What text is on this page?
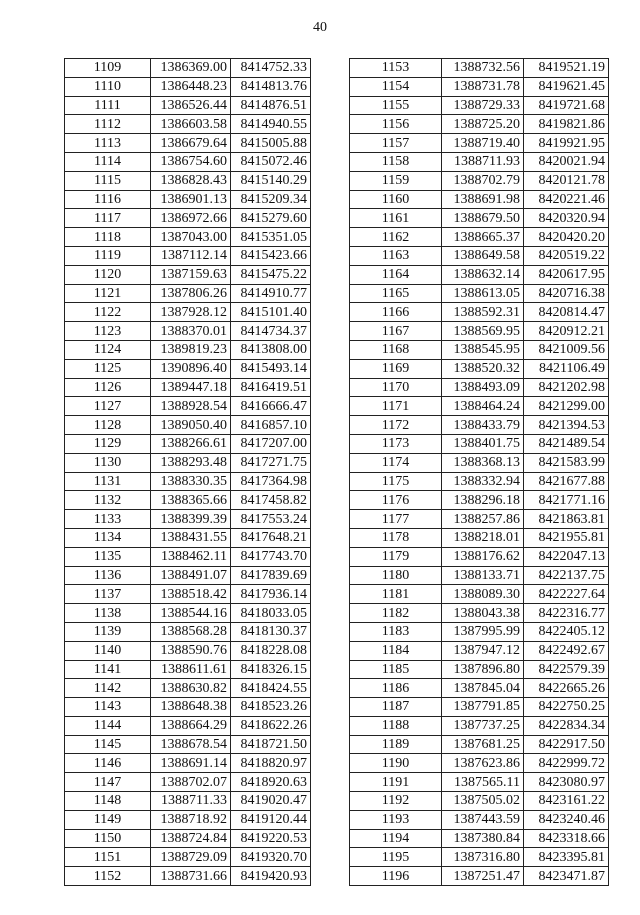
40
1109	1386369.00	8414752.33
1110	1386448.23	8414813.76
1111	1386526.44	8414876.51
1112	1386603.58	8414940.55
1113	1386679.64	8415005.88
1114	1386754.60	8415072.46
1115	1386828.43	8415140.29
1116	1386901.13	8415209.34
1117	1386972.66	8415279.60
1118	1387043.00	8415351.05
1119	1387112.14	8415423.66
1120	1387159.63	8415475.22
1121	1387806.26	8414910.77
1122	1387928.12	8415101.40
1123	1388370.01	8414734.37
1124	1389819.23	8413808.00
1125	1390896.40	8415493.14
1126	1389447.18	8416419.51
1127	1388928.54	8416666.47
1128	1389050.40	8416857.10
1129	1388266.61	8417207.00
1130	1388293.48	8417271.75
1131	1388330.35	8417364.98
1132	1388365.66	8417458.82
1133	1388399.39	8417553.24
1134	1388431.55	8417648.21
1135	1388462.11	8417743.70
1136	1388491.07	8417839.69
1137	1388518.42	8417936.14
1138	1388544.16	8418033.05
1139	1388568.28	8418130.37
1140	1388590.76	8418228.08
1141	1388611.61	8418326.15
1142	1388630.82	8418424.55
1143	1388648.38	8418523.26
1144	1388664.29	8418622.26
1145	1388678.54	8418721.50
1146	1388691.14	8418820.97
1147	1388702.07	8418920.63
1148	1388711.33	8419020.47
1149	1388718.92	8419120.44
1150	1388724.84	8419220.53
1151	1388729.09	8419320.70
1152	1388731.66	8419420.93
1153	1388732.56	8419521.19
1154	1388731.78	8419621.45
1155	1388729.33	8419721.68
1156	1388725.20	8419821.86
1157	1388719.40	8419921.95
1158	1388711.93	8420021.94
1159	1388702.79	8420121.78
1160	1388691.98	8420221.46
1161	1388679.50	8420320.94
1162	1388665.37	8420420.20
1163	1388649.58	8420519.22
1164	1388632.14	8420617.95
1165	1388613.05	8420716.38
1166	1388592.31	8420814.47
1167	1388569.95	8420912.21
1168	1388545.95	8421009.56
1169	1388520.32	8421106.49
1170	1388493.09	8421202.98
1171	1388464.24	8421299.00
1172	1388433.79	8421394.53
1173	1388401.75	8421489.54
1174	1388368.13	8421583.99
1175	1388332.94	8421677.88
1176	1388296.18	8421771.16
1177	1388257.86	8421863.81
1178	1388218.01	8421955.81
1179	1388176.62	8422047.13
1180	1388133.71	8422137.75
1181	1388089.30	8422227.64
1182	1388043.38	8422316.77
1183	1387995.99	8422405.12
1184	1387947.12	8422492.67
1185	1387896.80	8422579.39
1186	1387845.04	8422665.26
1187	1387791.85	8422750.25
1188	1387737.25	8422834.34
1189	1387681.25	8422917.50
1190	1387623.86	8422999.72
1191	1387565.11	8423080.97
1192	1387505.02	8423161.22
1193	1387443.59	8423240.46
1194	1387380.84	8423318.66
1195	1387316.80	8423395.81
1196	1387251.47	8423471.87
